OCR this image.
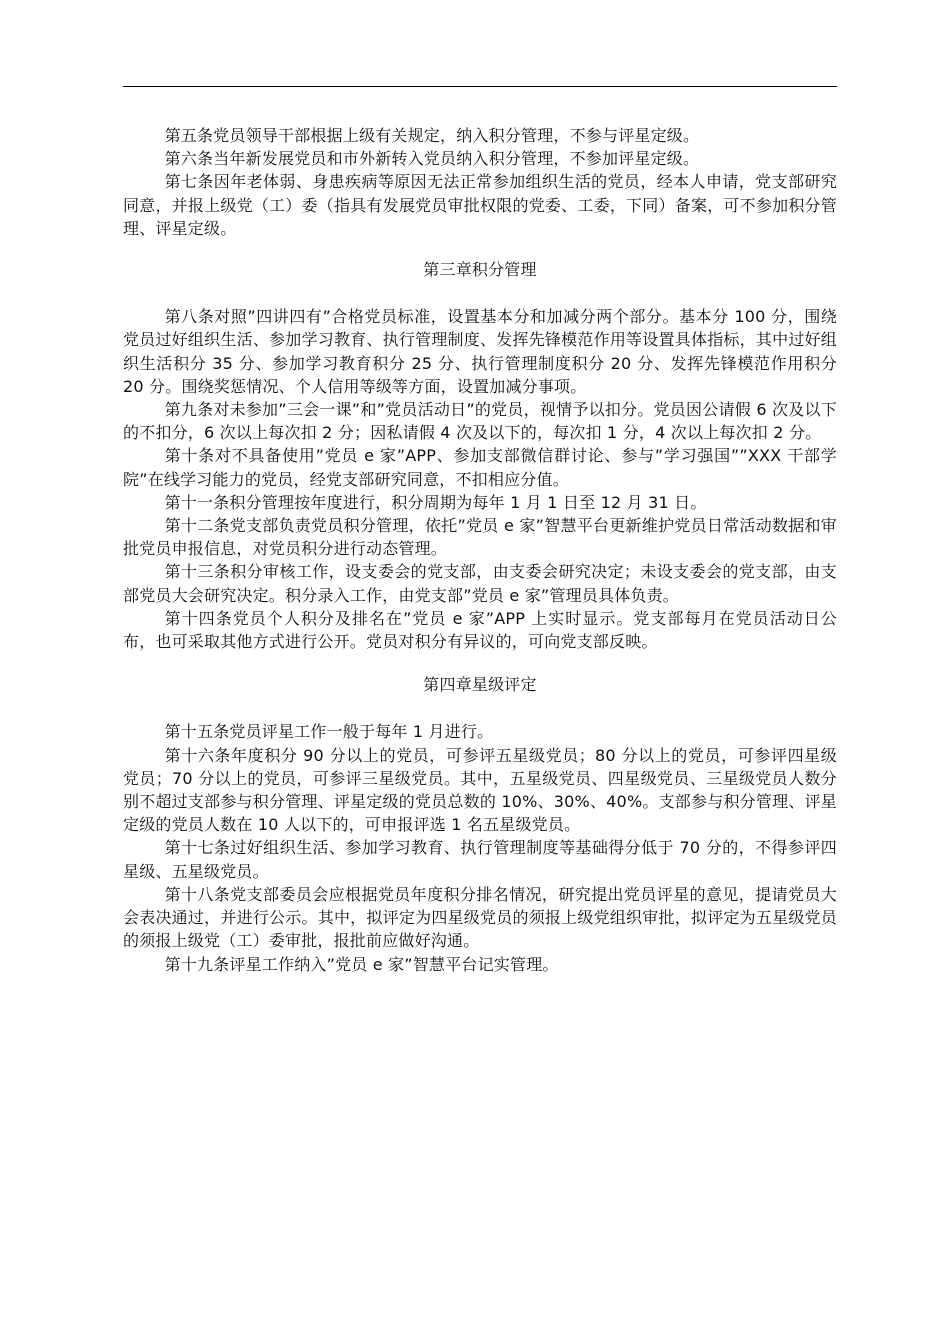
第五条党员领导干部根据上级有关规定，纳入积分管理，不参与评星定级。

第六条当年新发展党员和市外新转入党员纳入积分管理，不参加评星定级。

第七条因年老体弱、身患疾病等原因无法正常参加组织生活的党员，经本人申请，党支部研究同意，并报上级党（工）委（指具有发展党员审批权限的党委、工委，下同）备案，可不参加积分管理、评星定级。

第三章积分管理

第八条对照”四讲四有”合格党员标准，设置基本分和加减分两个部分。基本分 100 分，围绕党员过好组织生活、参加学习教育、执行管理制度、发挥先锋模范作用等设置具体指标，其中过好组织生活积分 35 分、参加学习教育积分 25 分、执行管理制度积分 20 分、发挥先锋模范作用积分 20 分。围绕奖惩情况、个人信用等级等方面，设置加减分事项。

第九条对未参加”三会一课”和”党员活动日”的党员，视情予以扣分。党员因公请假 6 次及以下的不扣分，6 次以上每次扣 2 分；因私请假 4 次及以下的，每次扣 1 分，4 次以上每次扣 2 分。

第十条对不具备使用”党员 e 家”APP、参加支部微信群讨论、参与”学习强国””XXX 干部学院”在线学习能力的党员，经党支部研究同意，不扣相应分值。

第十一条积分管理按年度进行，积分周期为每年 1 月 1 日至 12 月 31 日。

第十二条党支部负责党员积分管理，依托”党员 e 家”智慧平台更新维护党员日常活动数据和审批党员申报信息，对党员积分进行动态管理。

第十三条积分审核工作，设支委会的党支部，由支委会研究决定；未设支委会的党支部，由支部党员大会研究决定。积分录入工作，由党支部”党员 e 家”管理员具体负责。

第十四条党员个人积分及排名在”党员 e 家”APP 上实时显示。党支部每月在党员活动日公布，也可采取其他方式进行公开。党员对积分有异议的，可向党支部反映。

第四章星级评定

第十五条党员评星工作一般于每年 1 月进行。

第十六条年度积分 90 分以上的党员，可参评五星级党员；80 分以上的党员，可参评四星级党员；70 分以上的党员，可参评三星级党员。其中，五星级党员、四星级党员、三星级党员人数分别不超过支部参与积分管理、评星定级的党员总数的 10%、30%、40%。支部参与积分管理、评星定级的党员人数在 10 人以下的，可申报评选 1 名五星级党员。

第十七条过好组织生活、参加学习教育、执行管理制度等基础得分低于 70 分的，不得参评四星级、五星级党员。

第十八条党支部委员会应根据党员年度积分排名情况，研究提出党员评星的意见，提请党员大会表决通过，并进行公示。其中，拟评定为四星级党员的须报上级党组织审批，拟评定为五星级党员的须报上级党（工）委审批，报批前应做好沟通。

第十九条评星工作纳入”党员 e 家”智慧平台记实管理。
